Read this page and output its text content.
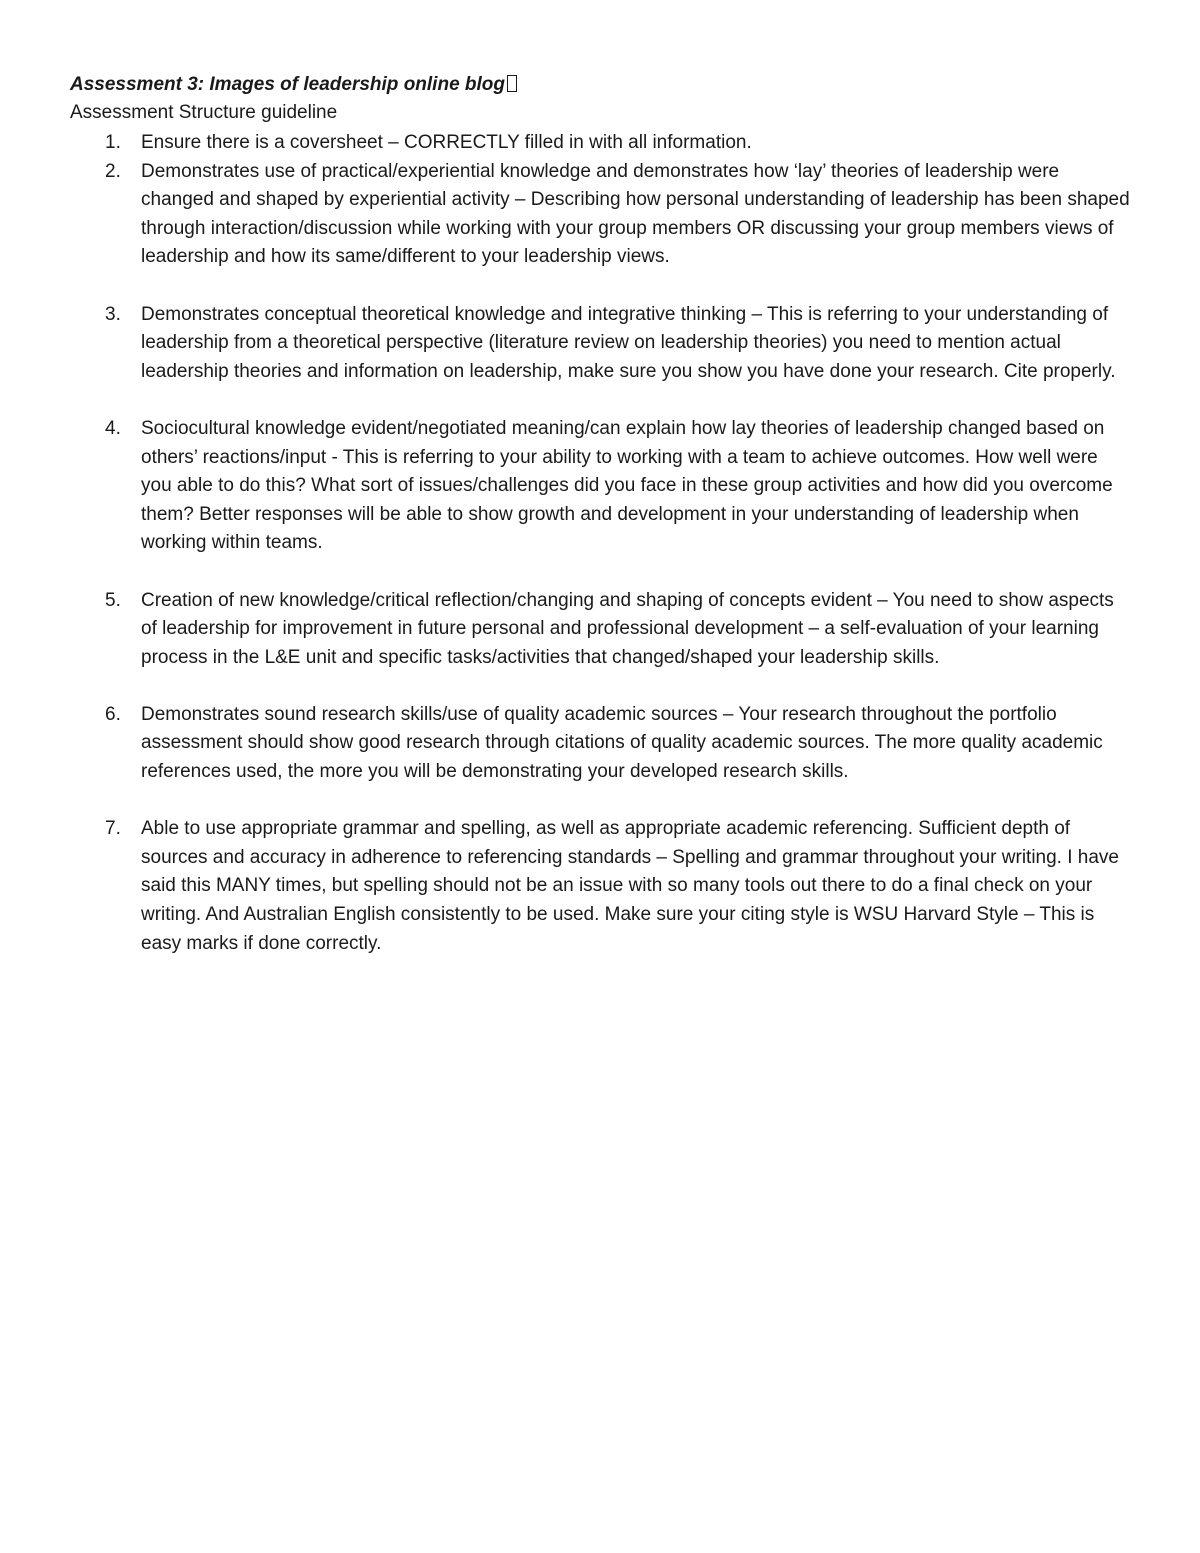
Assessment 3: Images of leadership online blog

Assessment Structure guideline

1.	Ensure there is a coversheet – CORRECTLY filled in with all information.
2.	Demonstrates use of practical/experiential knowledge and demonstrates how ‘lay’ theories of leadership were changed and shaped by experiential activity – Describing how personal understanding of leadership has been shaped through interaction/discussion while working with your group members OR discussing your group members views of leadership and how its same/different to your leadership views.
3.	Demonstrates conceptual theoretical knowledge and integrative thinking – This is referring to your understanding of leadership from a theoretical perspective (literature review on leadership theories) you need to mention actual leadership theories and information on leadership, make sure you show you have done your research. Cite properly.
4.	Sociocultural knowledge evident/negotiated meaning/can explain how lay theories of leadership changed based on others’ reactions/input - This is referring to your ability to working with a team to achieve outcomes. How well were you able to do this? What sort of issues/challenges did you face in these group activities and how did you overcome them? Better responses will be able to show growth and development in your understanding of leadership when working within teams.
5.	Creation of new knowledge/critical reflection/changing and shaping of concepts evident – You need to show aspects of leadership for improvement in future personal and professional development – a self-evaluation of your learning process in the L&E unit and specific tasks/activities that changed/shaped your leadership skills.
6.	Demonstrates sound research skills/use of quality academic sources – Your research throughout the portfolio assessment should show good research through citations of quality academic sources. The more quality academic references used, the more you will be demonstrating your developed research skills.
7.	Able to use appropriate grammar and spelling, as well as appropriate academic referencing. Sufficient depth of sources and accuracy in adherence to referencing standards – Spelling and grammar throughout your writing. I have said this MANY times, but spelling should not be an issue with so many tools out there to do a final check on your writing. And Australian English consistently to be used. Make sure your citing style is WSU Harvard Style – This is easy marks if done correctly.
